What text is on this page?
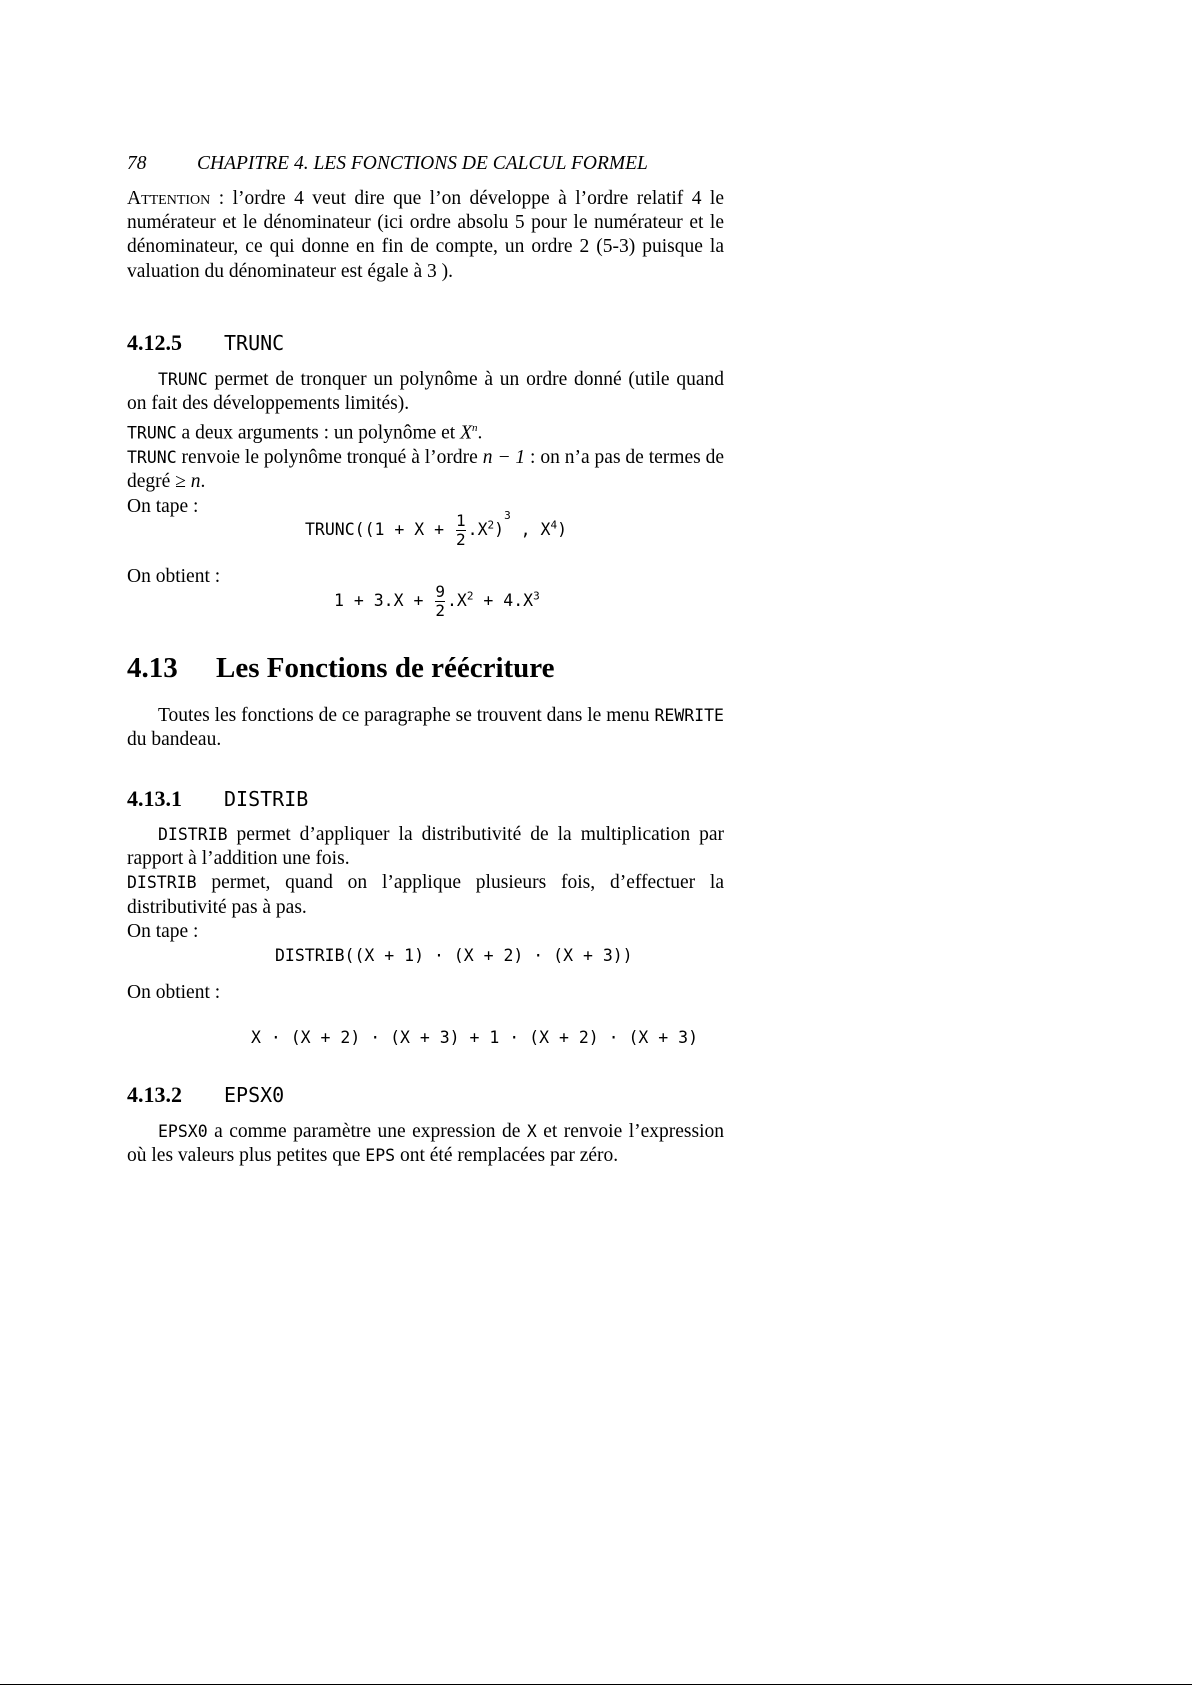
78	CHAPITRE 4. LES FONCTIONS DE CALCUL FORMEL
Attention : l’ordre 4 veut dire que l’on développe à l’ordre relatif 4 le numérateur et le dénominateur (ici ordre absolu 5 pour le numérateur et le dénominateur, ce qui donne en fin de compte, un ordre 2 (5-3) puisque la valuation du dénominateur est égale à 3 ).
4.12.5 TRUNC
TRUNC permet de tronquer un polynôme à un ordre donné (utile quand on fait des développements limités).
TRUNC a deux arguments : un polynôme et $X^n$.
TRUNC renvoie le polynôme tronqué à l’ordre n − 1 : on n’a pas de termes de degré ≥ n.
On tape :
TRUNC((1 + $X + \frac{1}{2} .X^2)^3$ , $X^4$)
On obtient :
$1 + 3.X + \frac{9}{2} .X^2 + 4.X^3$
4.13 Les Fonctions de réécriture
Toutes les fonctions de ce paragraphe se trouvent dans le menu REWRITE du bandeau.
4.13.1 DISTRIB
DISTRIB permet d’appliquer la distributivité de la multiplication par rapport à l’addition une fois.
DISTRIB permet, quand on l’applique plusieurs fois, d’effectuer la distributivité pas à pas.
On tape :
DISTRIB((X + 1) · (X + 2) · (X + 3))
On obtient :
X · (X + 2) · (X + 3) + 1 · (X + 2) · (X + 3)
4.13.2 EPSX0
EPSX0 a comme paramètre une expression de X et renvoie l’expression où les valeurs plus petites que EPS ont été remplacées par zéro.
